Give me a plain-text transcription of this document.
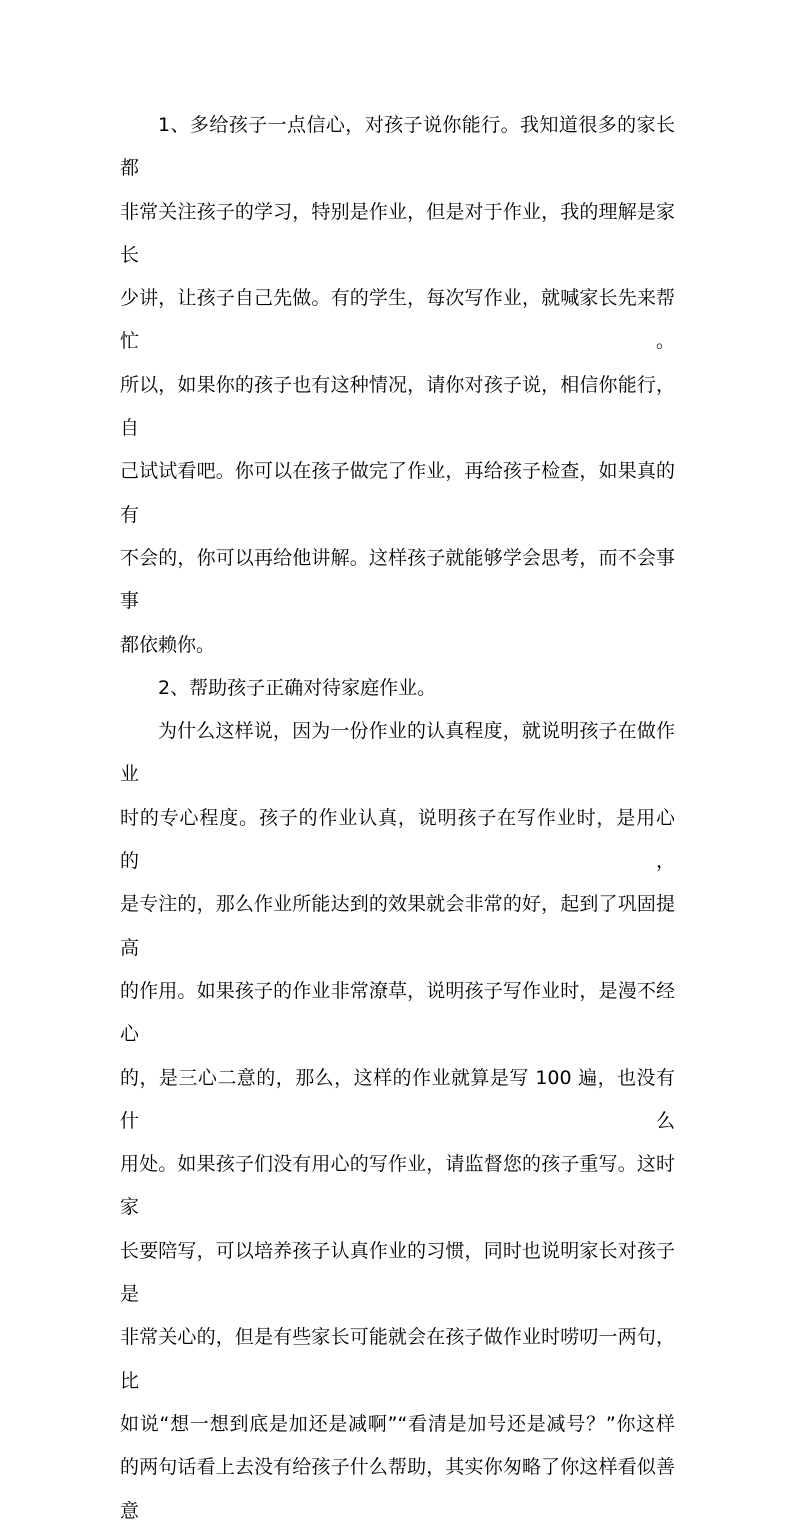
1、多给孩子一点信心，对孩子说你能行。我知道很多的家长都
非常关注孩子的学习，特别是作业，但是对于作业，我的理解是家长
少讲，让孩子自己先做。有的学生，每次写作业，就喊家长先来帮忙。
所以，如果你的孩子也有这种情况，请你对孩子说，相信你能行，自
己试试看吧。你可以在孩子做完了作业，再给孩子检查，如果真的有
不会的，你可以再给他讲解。这样孩子就能够学会思考，而不会事事
都依赖你。
2、帮助孩子正确对待家庭作业。
为什么这样说，因为一份作业的认真程度，就说明孩子在做作业
时的专心程度。孩子的作业认真，说明孩子在写作业时，是用心的，
是专注的，那么作业所能达到的效果就会非常的好，起到了巩固提高
的作用。如果孩子的作业非常潦草，说明孩子写作业时，是漫不经心
的，是三心二意的，那么，这样的作业就算是写 100 遍，也没有什么
用处。如果孩子们没有用心的写作业，请监督您的孩子重写。这时家
长要陪写，可以培养孩子认真作业的习惯，同时也说明家长对孩子是
非常关心的，但是有些家长可能就会在孩子做作业时唠叨一两句，比
如说“想一想到底是加还是减啊”“看清是加号还是减号？”你这样
的两句话看上去没有给孩子什么帮助，其实你匆略了你这样看似善意
